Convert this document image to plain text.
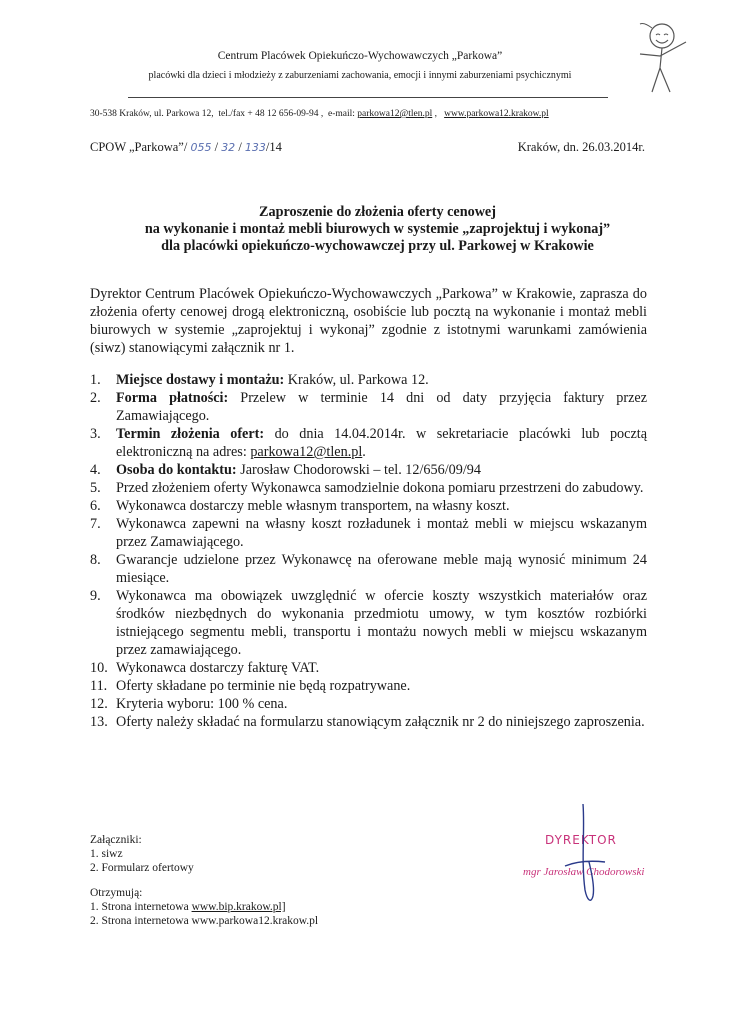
Centrum Placówek Opiekuńczo-Wychowawczych „Parkowa”
placówki dla dzieci i młodzieży z zaburzeniami zachowania, emocji i innymi zaburzeniami psychicznymi
30-538 Kraków, ul. Parkowa 12, tel./fax + 48 12 656-09-94 , e-mail: parkowa12@tlen.pl ,   www.parkowa12.krakow.pl
CPOW „Parkowa”/ 055 / 32 / 133/14	Kraków, dn. 26.03.2014r.
Zaproszenie do złożenia oferty cenowej
na wykonanie i montaż mebli biurowych w systemie „zaprojektuj i wykonaj”
dla placówki opiekuńczo-wychowawczej przy ul. Parkowej w Krakowie

Dyrektor Centrum Placówek Opiekuńczo-Wychowawczych „Parkowa” w Krakowie, zaprasza do złożenia oferty cenowej drogą elektroniczną, osobiście lub pocztą na wykonanie i montaż mebli biurowych w systemie „zaprojektuj i wykonaj” zgodnie z istotnymi warunkami zamówienia (siwz) stanowiącymi załącznik nr 1.

1. Miejsce dostawy i montażu: Kraków, ul. Parkowa 12.
2. Forma płatności: Przelew w terminie 14 dni od daty przyjęcia faktury przez Zamawiającego.
3. Termin złożenia ofert: do dnia 14.04.2014r. w sekretariacie placówki lub pocztą elektroniczną na adres: parkowa12@tlen.pl.
4. Osoba do kontaktu: Jarosław Chodorowski – tel. 12/656/09/94
5. Przed złożeniem oferty Wykonawca samodzielnie dokona pomiaru przestrzeni do zabudowy.
6. Wykonawca dostarczy meble własnym transportem, na własny koszt.
7. Wykonawca zapewni na własny koszt rozładunek i montaż mebli w miejscu wskazanym przez Zamawiającego.
8. Gwarancje udzielone przez Wykonawcę na oferowane meble mają wynosić minimum 24 miesiące.
9. Wykonawca ma obowiązek uwzględnić w ofercie koszty wszystkich materiałów oraz środków niezbędnych do wykonania przedmiotu umowy, w tym kosztów rozbiórki istniejącego segmentu mebli, transportu i montażu nowych mebli w miejscu wskazanym przez zamawiającego.
10. Wykonawca dostarczy fakturę VAT.
11. Oferty składane po terminie nie będą rozpatrywane.
12. Kryteria wyboru: 100 % cena.
13. Oferty należy składać na formularzu stanowiącym załącznik nr 2 do niniejszego zaproszenia.
Załączniki:
1. siwz
2. Formularz ofertowy
Otrzymują:
1. Strona internetowa www.bip.krakow.pl]
2. Strona internetowa www.parkowa12.krakow.pl
DYREKTOR
mgr Jarosław Chodorowski
